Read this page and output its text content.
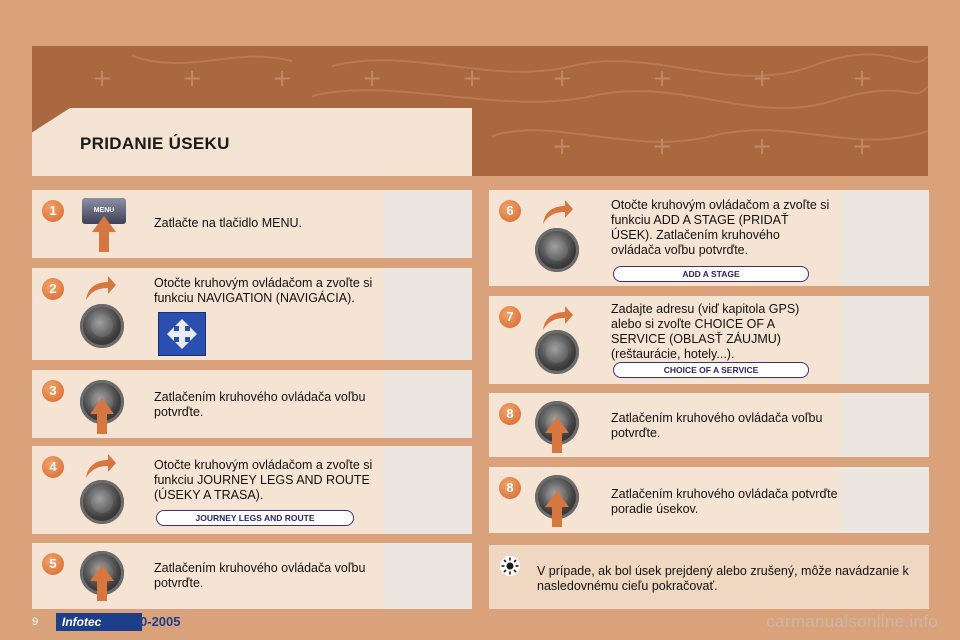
+	+	+	+	+	+	+	+	+
+	+	+	+
PRIDANIE ÚSEKU
1	MENU
Zatlačte na tlačidlo MENU.
2	Otočte kruhovým ovládačom a zvoľte si funkciu NAVIGATION (NAVIGÁCIA).
3	Zatlačením kruhového ovládača voľbu potvrďte.
4	Otočte kruhovým ovládačom a zvoľte si funkciu JOURNEY LEGS AND ROUTE (ÚSEKY A TRASA).
JOURNEY LEGS AND ROUTE
5	Zatlačením kruhového ovládača voľbu potvrďte.
6	Otočte kruhovým ovládačom a zvoľte si funkciu ADD A STAGE (PRIDAŤ ÚSEK). Zatlačením kruhového ovládača voľbu potvrďte.
ADD A STAGE
7	Zadajte adresu (viď kapitola GPS) alebo si zvoľte CHOICE OF A SERVICE (OBLASŤ ZÁUJMU) (reštaurácie, hotely...).
CHOICE OF A SERVICE
8	Zatlačením kruhového ovládača voľbu potvrďte.
8	Zatlačením kruhového ovládača potvrďte poradie úsekov.
V prípade, ak bol úsek prejdený alebo zrušený, môže navádzanie k nasledovnému cieľu pokračovať.
9	Infotec 01-10-2005	carmanualsonline.info
